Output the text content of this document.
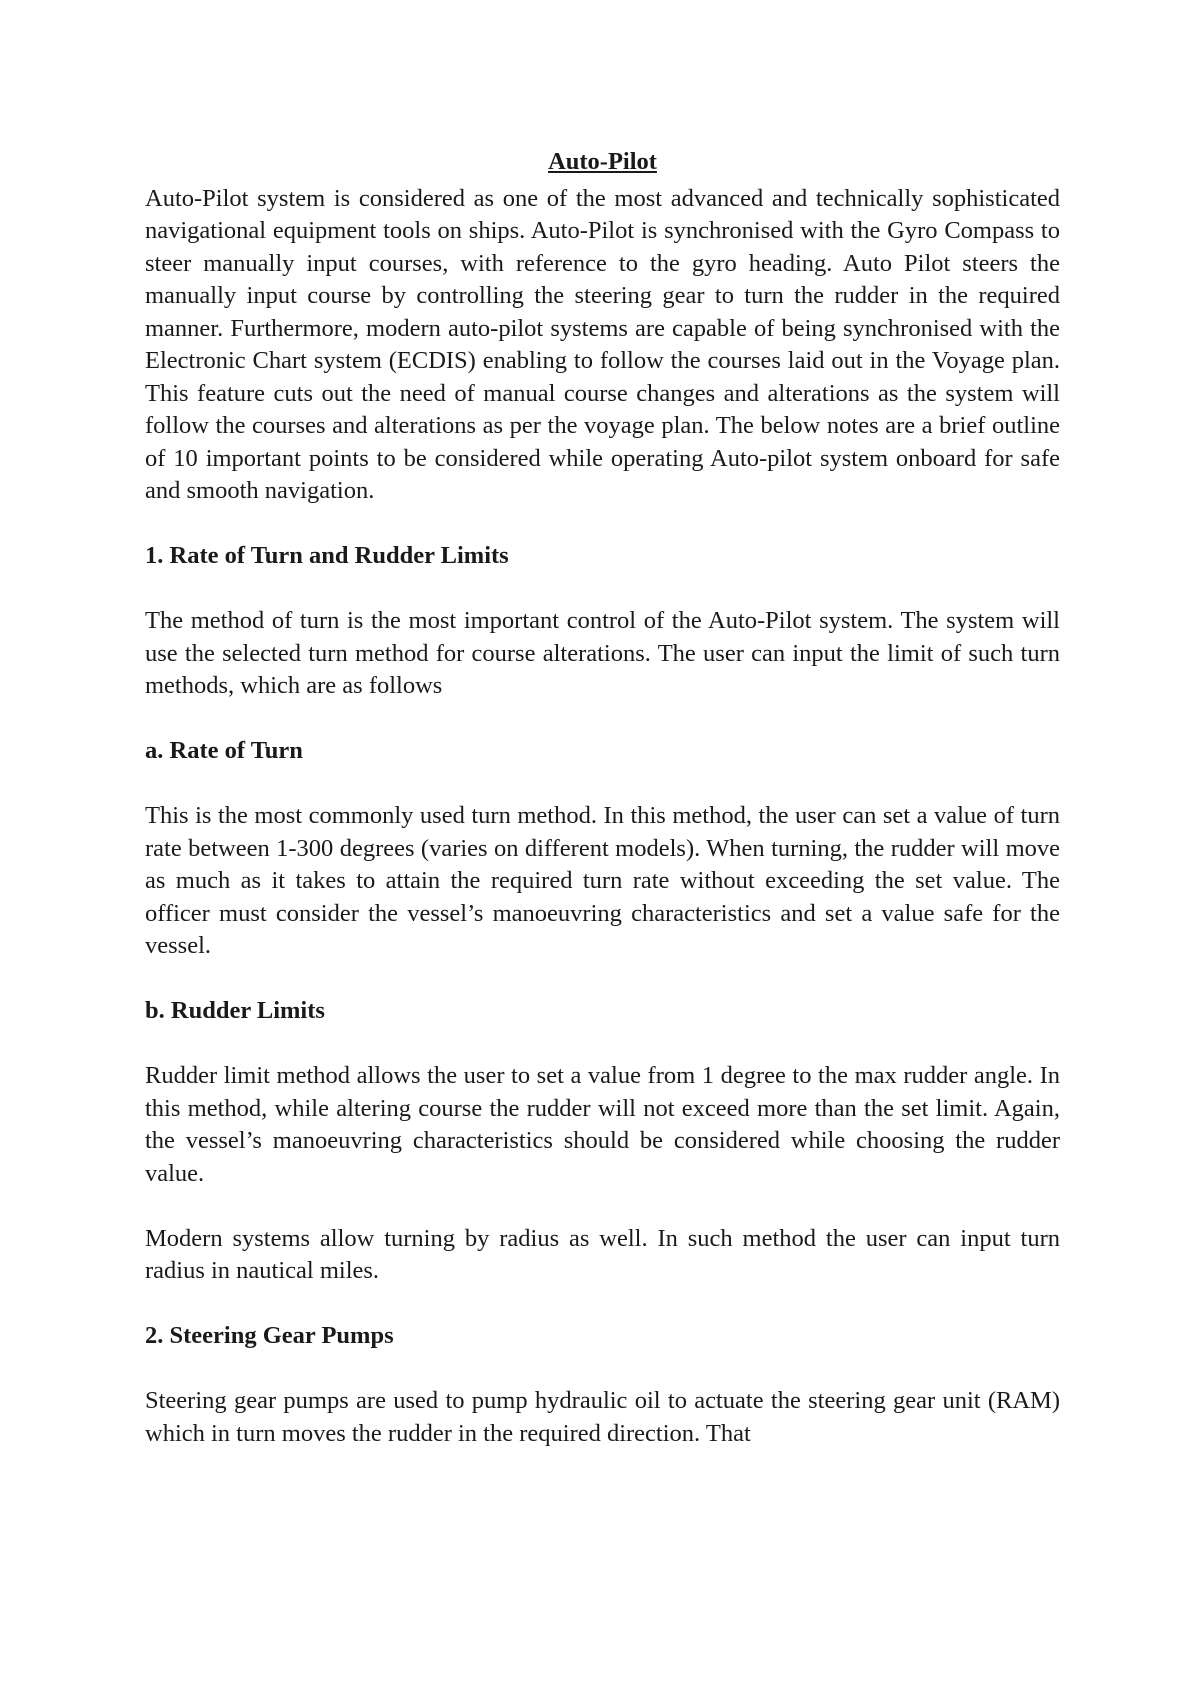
Auto-Pilot

Auto-Pilot system is considered as one of the most advanced and technically sophisticated navigational equipment tools on ships. Auto-Pilot is synchronised with the Gyro Compass to steer manually input courses, with reference to the gyro heading. Auto Pilot steers the manually input course by controlling the steering gear to turn the rudder in the required manner. Furthermore, modern auto-pilot systems are capable of being synchronised with the Electronic Chart system (ECDIS) enabling to follow the courses laid out in the Voyage plan. This feature cuts out the need of manual course changes and alterations as the system will follow the courses and alterations as per the voyage plan. The below notes are a brief outline of 10 important points to be considered while operating Auto-pilot system onboard for safe and smooth navigation.

1. Rate of Turn and Rudder Limits

The method of turn is the most important control of the Auto-Pilot system. The system will use the selected turn method for course alterations. The user can input the limit of such turn methods, which are as follows

a. Rate of Turn

This is the most commonly used turn method. In this method, the user can set a value of turn rate between 1-300 degrees (varies on different models). When turning, the rudder will move as much as it takes to attain the required turn rate without exceeding the set value. The officer must consider the vessel’s manoeuvring characteristics and set a value safe for the vessel.

b. Rudder Limits

Rudder limit method allows the user to set a value from 1 degree to the max rudder angle. In this method, while altering course the rudder will not exceed more than the set limit. Again, the vessel’s manoeuvring characteristics should be considered while choosing the rudder value.

Modern systems allow turning by radius as well. In such method the user can input turn radius in nautical miles.

2. Steering Gear Pumps

Steering gear pumps are used to pump hydraulic oil to actuate the steering gear unit (RAM) which in turn moves the rudder in the required direction. That
